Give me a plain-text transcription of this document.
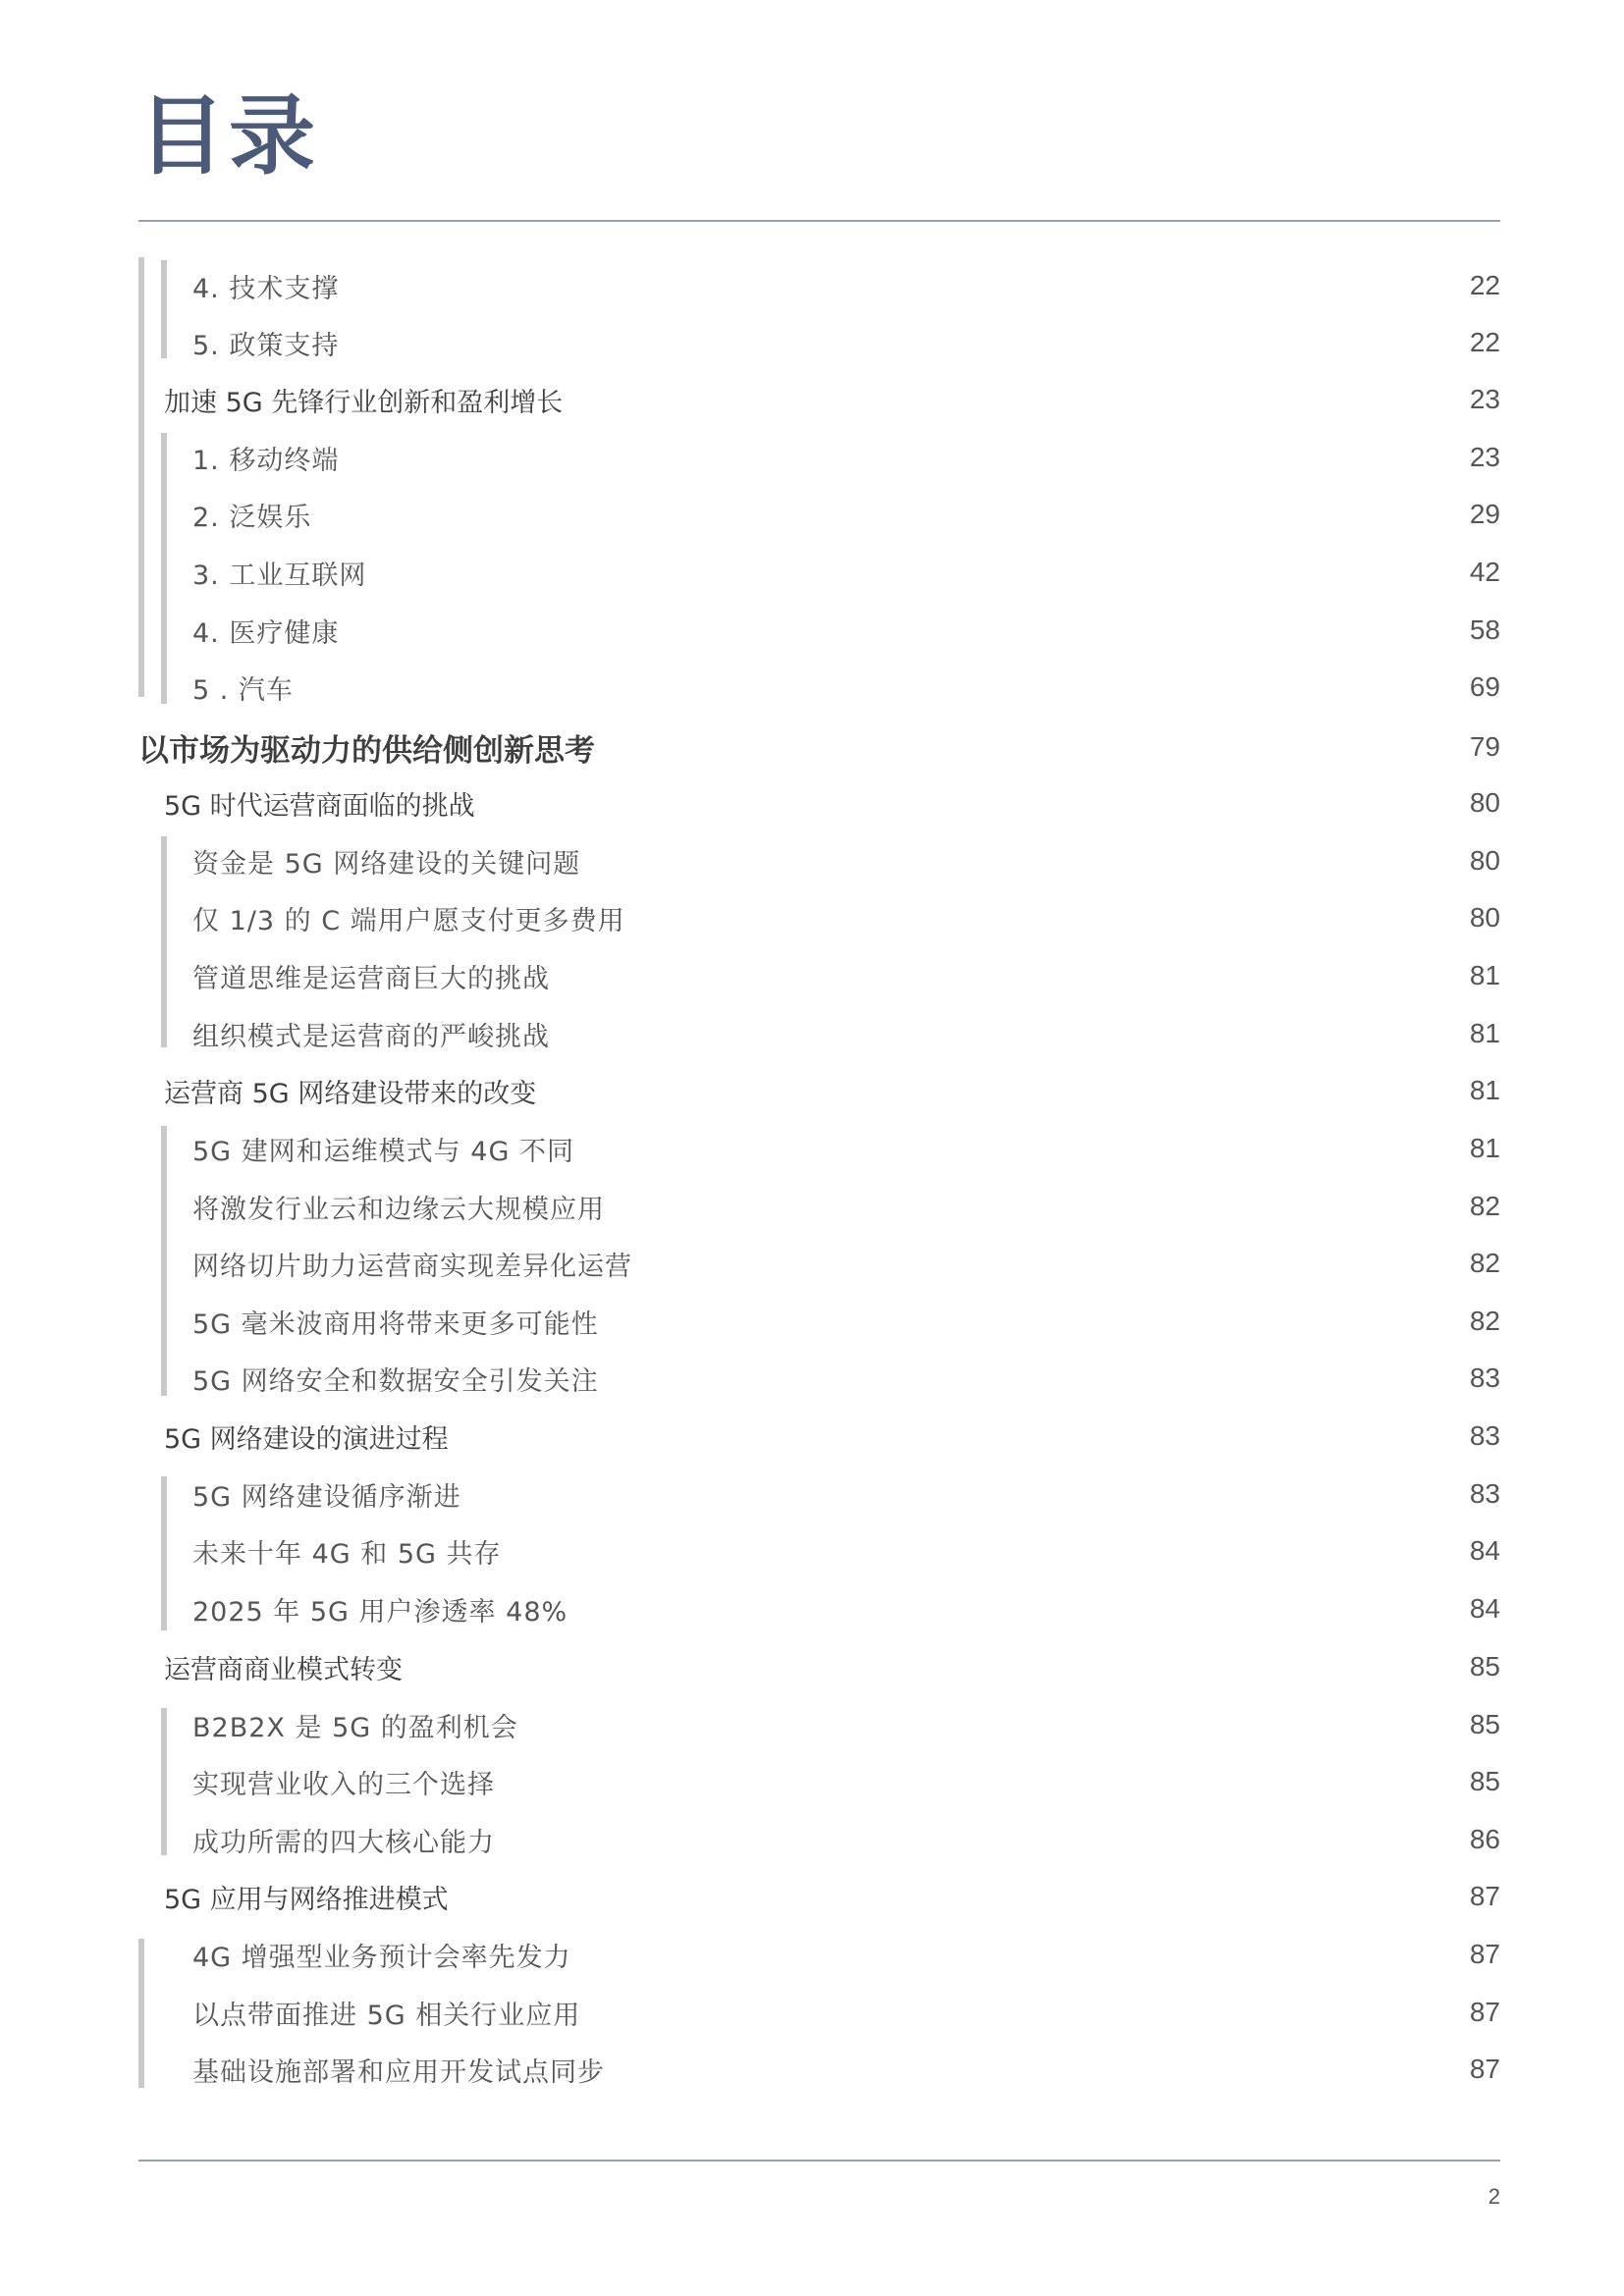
目录
4. 技术支撑	22
5. 政策支持	22
加速 5G 先锋行业创新和盈利增长	23
1. 移动终端	23
2. 泛娱乐	29
3. 工业互联网	42
4. 医疗健康	58
5 . 汽车	69
以市场为驱动力的供给侧创新思考	79
5G 时代运营商面临的挑战	80
资金是 5G 网络建设的关键问题	80
仅 1/3 的 C 端用户愿支付更多费用	80
管道思维是运营商巨大的挑战	81
组织模式是运营商的严峻挑战	81
运营商 5G 网络建设带来的改变	81
5G 建网和运维模式与 4G 不同	81
将激发行业云和边缘云大规模应用	82
网络切片助力运营商实现差异化运营	82
5G 毫米波商用将带来更多可能性	82
5G 网络安全和数据安全引发关注	83
5G 网络建设的演进过程	83
5G 网络建设循序渐进	83
未来十年 4G 和 5G 共存	84
2025 年 5G 用户渗透率 48%	84
运营商商业模式转变	85
B2B2X 是 5G 的盈利机会	85
实现营业收入的三个选择	85
成功所需的四大核心能力	86
5G 应用与网络推进模式	87
4G 增强型业务预计会率先发力	87
以点带面推进 5G 相关行业应用	87
基础设施部署和应用开发试点同步	87
2
